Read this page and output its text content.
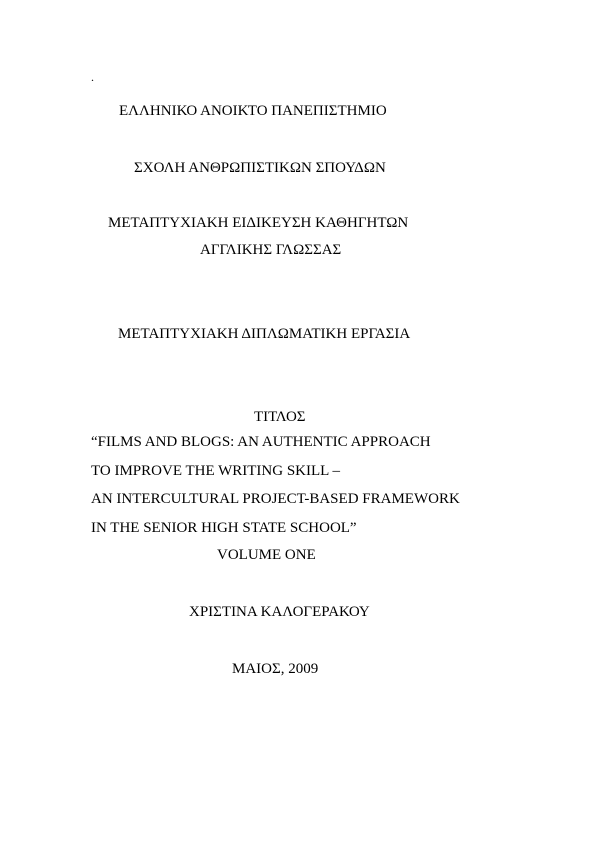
.
ΕΛΛΗΝΙΚΟ ΑΝΟΙΚΤΟ ΠΑΝΕΠΙΣΤΗΜΙΟ
ΣΧΟΛΗ ΑΝΘΡΩΠΙΣΤΙΚΩΝ ΣΠΟΥΔΩΝ
ΜΕΤΑΠΤΥΧΙΑΚΗ ΕΙΔΙΚΕΥΣΗ ΚΑΘΗΓΗΤΩΝ
ΑΓΓΛΙΚΗΣ ΓΛΩΣΣΑΣ
ΜΕΤΑΠΤΥΧΙΑΚΗ ΔΙΠΛΩΜΑΤΙΚΗ ΕΡΓΑΣΙΑ
ΤΙΤΛΟΣ
“FILMS AND BLOGS: AN AUTHENTIC APPROACH
TO IMPROVE THE WRITING SKILL –
AN INTERCULTURAL PROJECT-BASED FRAMEWORK
IN THE SENIOR HIGH STATE SCHOOL”
VOLUME ONE
ΧΡΙΣΤΙΝΑ ΚΑΛΟΓΕΡΑΚΟΥ
ΜΑΙΟΣ, 2009
